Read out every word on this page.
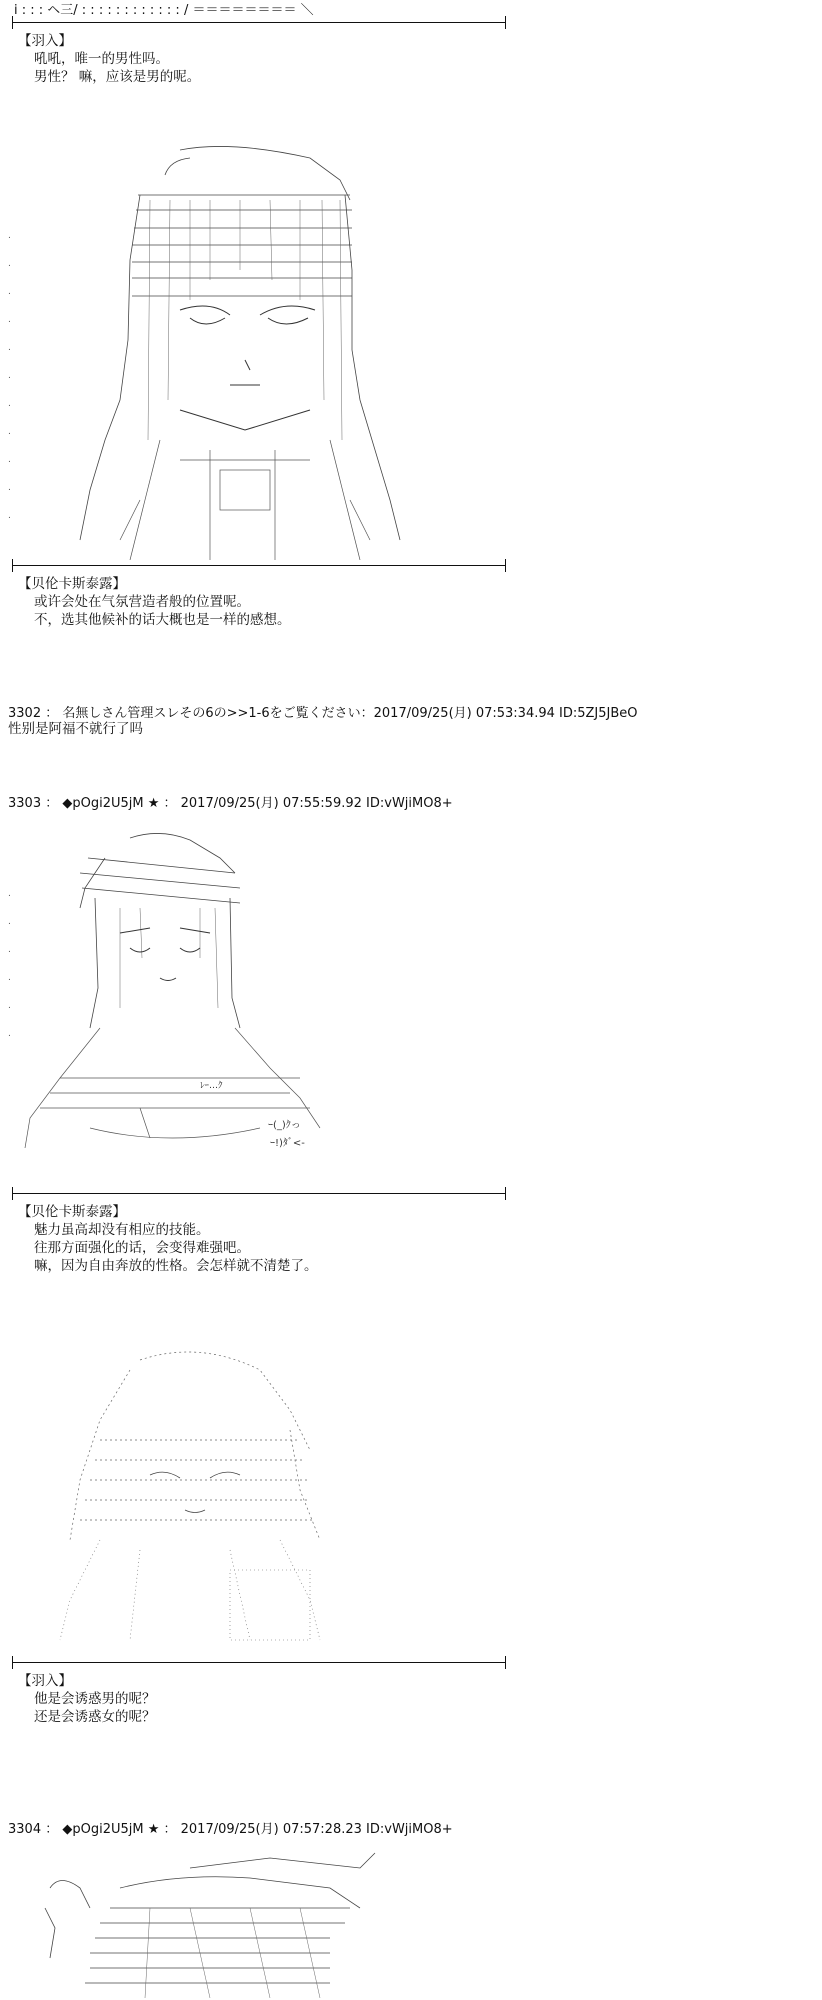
i : : : ヘ三/ : : : : : : : : : : : : / ＝＝＝＝＝＝＝＝ ＼
【羽入】
吼吼，唯一的男性吗。
男性？ 嘛，应该是男的呢。
.
.
.
.
.
.
.
.
.
.
.
【贝伦卡斯泰露】
或许会处在气氛营造者般的位置呢。
不，选其他候补的话大概也是一样的感想。
3302 ： 名無しさん管理スレその6の>>1-6をご覧ください：2017/09/25(月) 07:53:34.94 ID:5ZJ5JBeO
性别是阿福不就行了吗
3303 ： ◆pOgi2U5jM ★ ： 2017/09/25(月) 07:55:59.92 ID:vWjiMO8+
.
.
.
.
.
.
ｰ(_)ｸっ
ｰ!)ﾀﾞ<-
ﾚｰ…ｸ
【贝伦卡斯泰露】
魅力虽高却没有相应的技能。
往那方面强化的话，会变得难强吧。
嘛，因为自由奔放的性格。会怎样就不清楚了。
【羽入】
他是会诱惑男的呢？
还是会诱惑女的呢？
3304 ： ◆pOgi2U5jM ★ ： 2017/09/25(月) 07:57:28.23 ID:vWjiMO8+
